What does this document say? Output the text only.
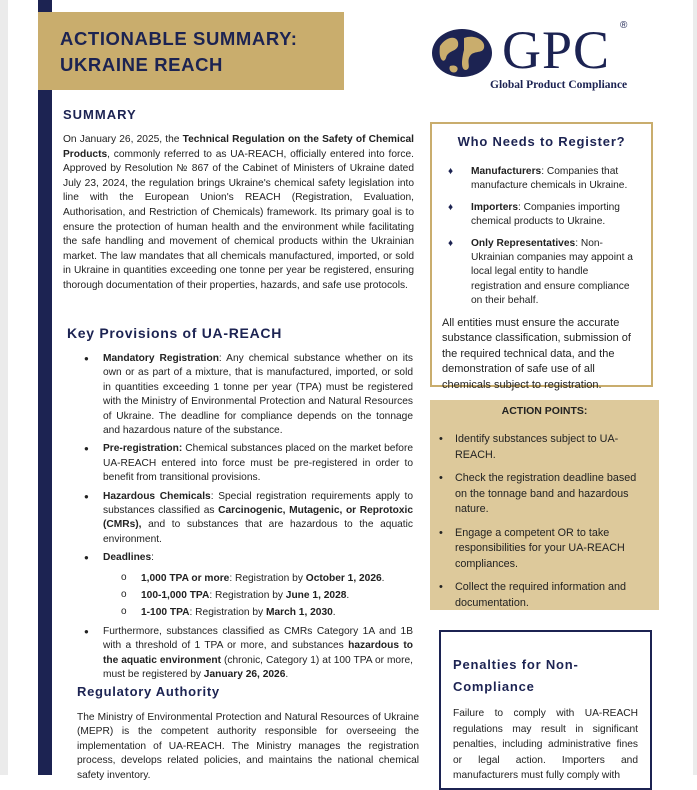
ACTIONABLE SUMMARY: UKRAINE REACH	GPC ®
Global Product Compliance
SUMMARY

On January 26, 2025, the Technical Regulation on the Safety of Chemical Products, commonly referred to as UA-REACH, officially entered into force. Approved by Resolution № 867 of the Cabinet of Ministers of Ukraine dated July 23, 2024, the regulation brings Ukraine's chemical safety legislation into line with the European Union's REACH (Registration, Evaluation, Authorisation, and Restriction of Chemicals) framework. Its primary goal is to ensure the protection of human health and the environment while facilitating the safe handling and movement of chemical products within the Ukrainian market. The law mandates that all chemicals manufactured, imported, or sold in Ukraine in quantities exceeding one tonne per year be registered, ensuring thorough documentation of their properties, hazards, and safe use protocols.

Key Provisions of UA-REACH
● Mandatory Registration: Any chemical substance whether on its own or as part of a mixture, that is manufactured, imported, or sold in quantities exceeding 1 tonne per year (TPA) must be registered with the Ministry of Environmental Protection and Natural Resources of Ukraine. The deadline for compliance depends on the tonnage and hazardous nature of the substance.
● Pre-registration: Chemical substances placed on the market before UA-REACH entered into force must be pre-registered in order to benefit from transitional provisions.
● Hazardous Chemicals: Special registration requirements apply to substances classified as Carcinogenic, Mutagenic, or Reprotoxic (CMRs), and to substances that are hazardous to the aquatic environment.
● Deadlines:
o 1,000 TPA or more: Registration by October 1, 2026.
o 100-1,000 TPA: Registration by June 1, 2028.
o 1-100 TPA: Registration by March 1, 2030.
● Furthermore, substances classified as CMRs Category 1A and 1B with a threshold of 1 TPA or more, and substances hazardous to the aquatic environment (chronic, Category 1) at 100 TPA or more, must be registered by January 26, 2026.
Regulatory Authority

The Ministry of Environmental Protection and Natural Resources of Ukraine (MEPR) is the competent authority responsible for overseeing the implementation of UA-REACH. The Ministry manages the registration process, develops related policies, and maintains the national chemical safety inventory.

Who Needs to Register?
♦ Manufacturers: Companies that manufacture chemicals in Ukraine.
♦ Importers: Companies importing chemical products to Ukraine.
♦ Only Representatives: Non-Ukrainian companies may appoint a local legal entity to handle registration and ensure compliance on their behalf.

All entities must ensure the accurate substance classification, submission of the required technical data, and the demonstration of safe use of all chemicals subject to registration.

ACTION POINTS:
• Identify substances subject to UA-REACH.
• Check the registration deadline based on the tonnage band and hazardous nature.
• Engage a competent OR to take responsibilities for your UA-REACH compliances.
• Collect the required information and documentation.
Penalties for Non-Compliance

Failure to comply with UA-REACH regulations may result in significant penalties, including administrative fines or legal action. Importers and manufacturers must fully comply with
